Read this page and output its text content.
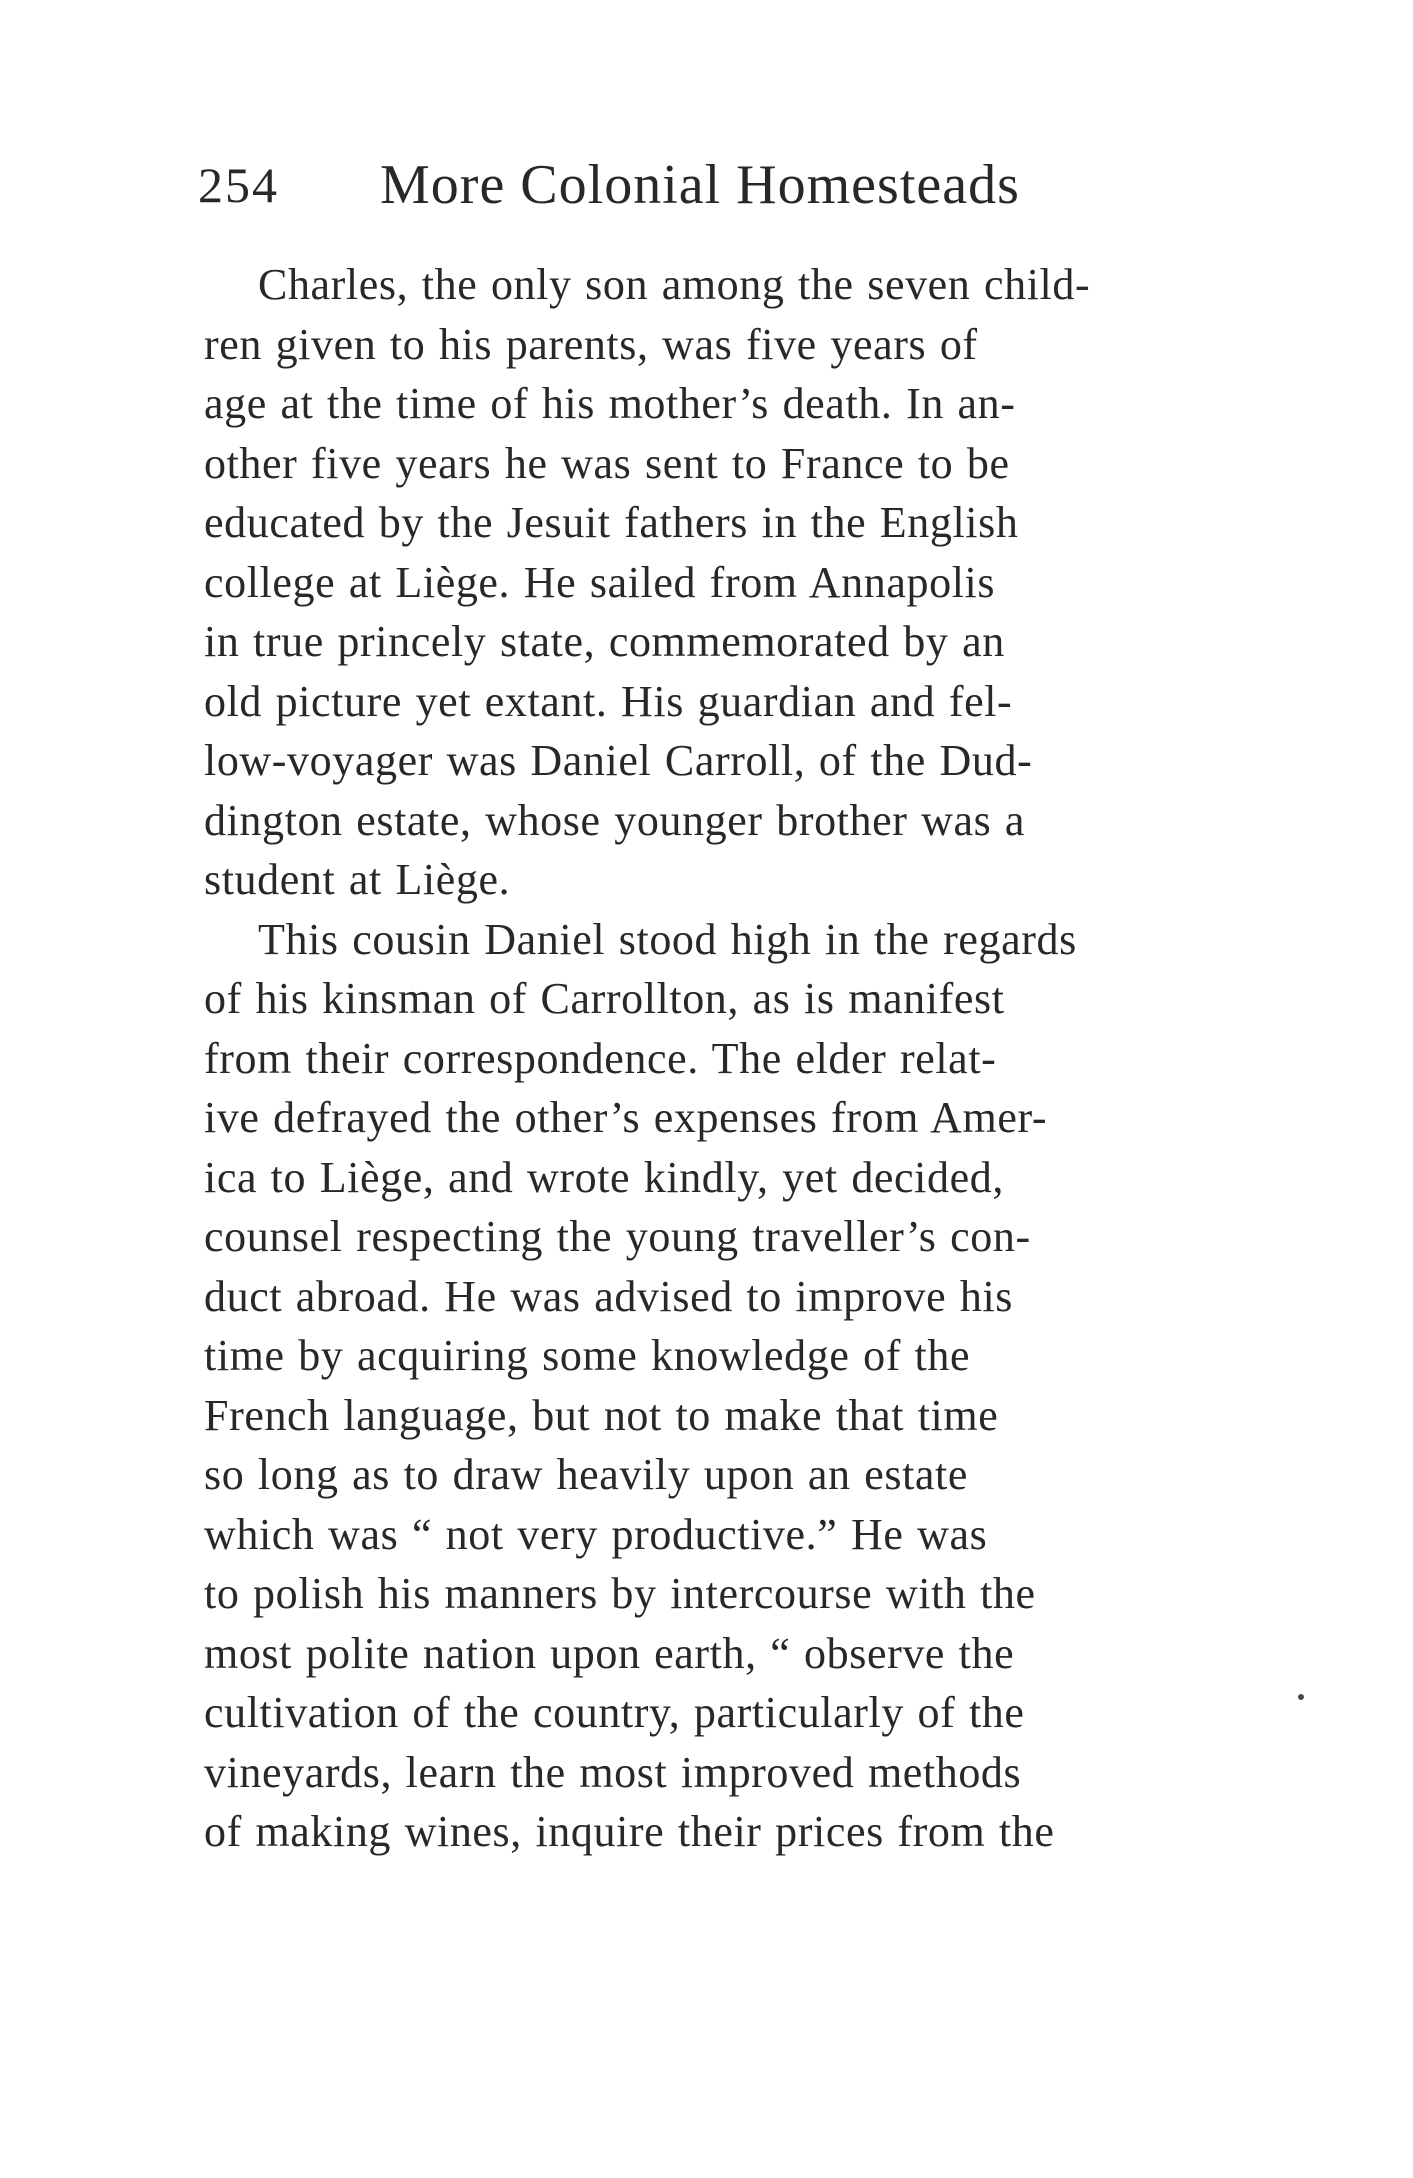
254 More Colonial Homesteads
Charles, the only son among the seven child-
ren given to his parents, was five years of
age at the time of his mother’s death. In an-
other five years he was sent to France to be
educated by the Jesuit fathers in the English
college at Liège. He sailed from Annapolis
in true princely state, commemorated by an
old picture yet extant. His guardian and fel-
low-voyager was Daniel Carroll, of the Dud-
dington estate, whose younger brother was a
student at Liège.
This cousin Daniel stood high in the regards
of his kinsman of Carrollton, as is manifest
from their correspondence. The elder relat-
ive defrayed the other’s expenses from Amer-
ica to Liège, and wrote kindly, yet decided,
counsel respecting the young traveller’s con-
duct abroad. He was advised to improve his
time by acquiring some knowledge of the
French language, but not to make that time
so long as to draw heavily upon an estate
which was “ not very productive.” He was
to polish his manners by intercourse with the
most polite nation upon earth, “ observe the
cultivation of the country, particularly of the
vineyards, learn the most improved methods
of making wines, inquire their prices from the
